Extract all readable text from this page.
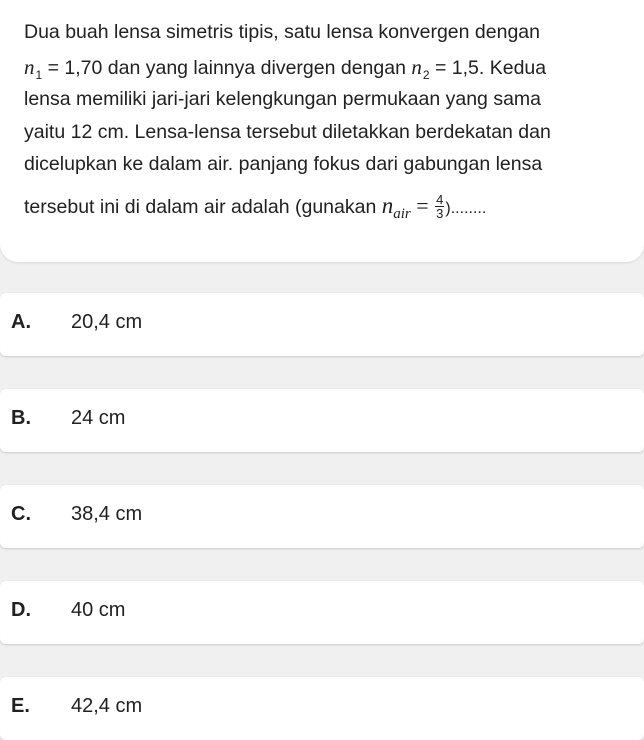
Dua buah lensa simetris tipis, satu lensa konvergen dengan
$n_1 = 1,70$ dan yang lainnya divergen dengan $n_2 = 1,5$. Kedua
lensa memiliki jari-jari kelengkungan permukaan yang sama
yaitu 12 cm. Lensa-lensa tersebut diletakkan berdekatan dan
dicelupkan ke dalam air. panjang fokus dari gabungan lensa
tersebut ini di dalam air adalah (gunakan $n_{air} = \frac{4}{3}$ )........
A. 20,4 cm
B. 24 cm
C. 38,4 cm
D. 40 cm
E. 42,4 cm
